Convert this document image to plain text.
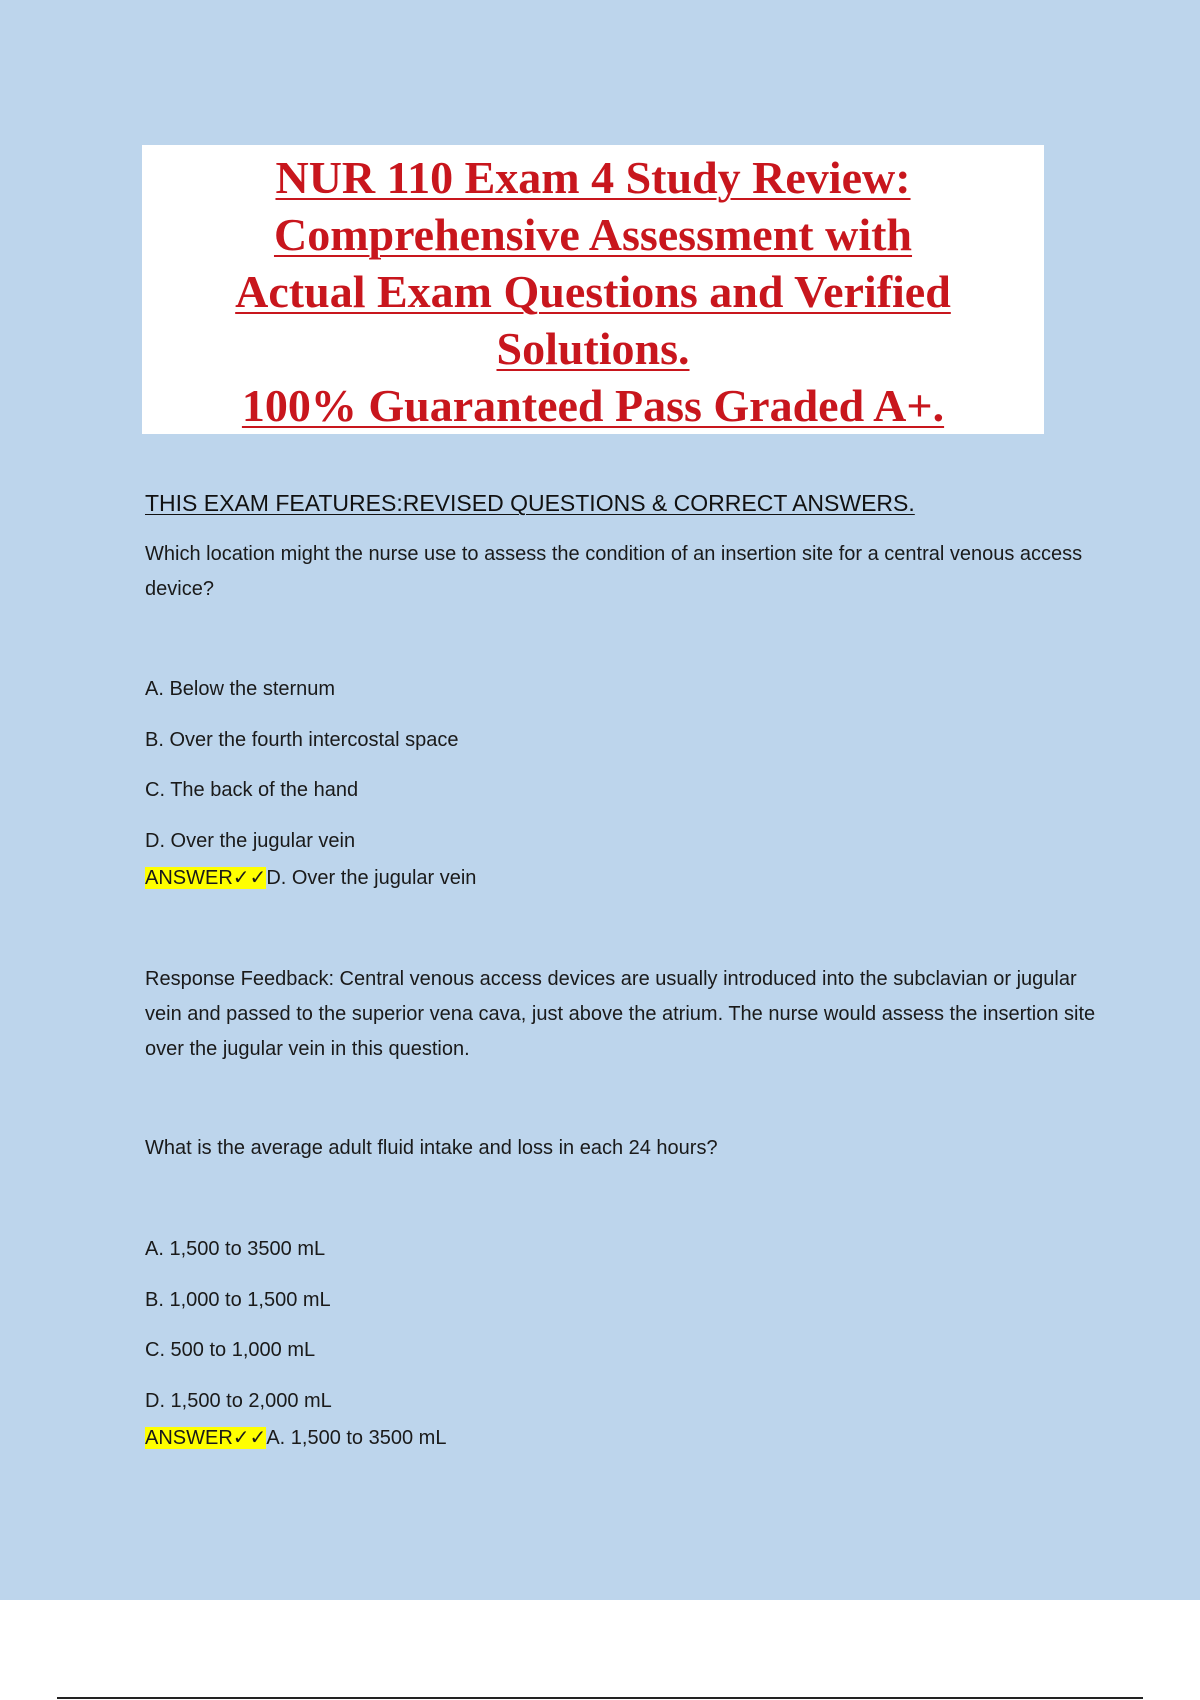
NUR 110 Exam 4 Study Review:
Comprehensive Assessment with
Actual Exam Questions and Verified
Solutions.
100% Guaranteed Pass Graded A+.
THIS EXAM FEATURES:REVISED QUESTIONS & CORRECT ANSWERS.
Which location might the nurse use to assess the condition of an insertion site for a central venous access device?
A. Below the sternum
B. Over the fourth intercostal space
C. The back of the hand
D. Over the jugular vein
ANSWER✓✓D. Over the jugular vein
Response Feedback: Central venous access devices are usually introduced into the subclavian or jugular vein and passed to the superior vena cava, just above the atrium. The nurse would assess the insertion site over the jugular vein in this question.
What is the average adult fluid intake and loss in each 24 hours?
A. 1,500 to 3500 mL
B. 1,000 to 1,500 mL
C. 500 to 1,000 mL
D. 1,500 to 2,000 mL
ANSWER✓✓A. 1,500 to 3500 mL
